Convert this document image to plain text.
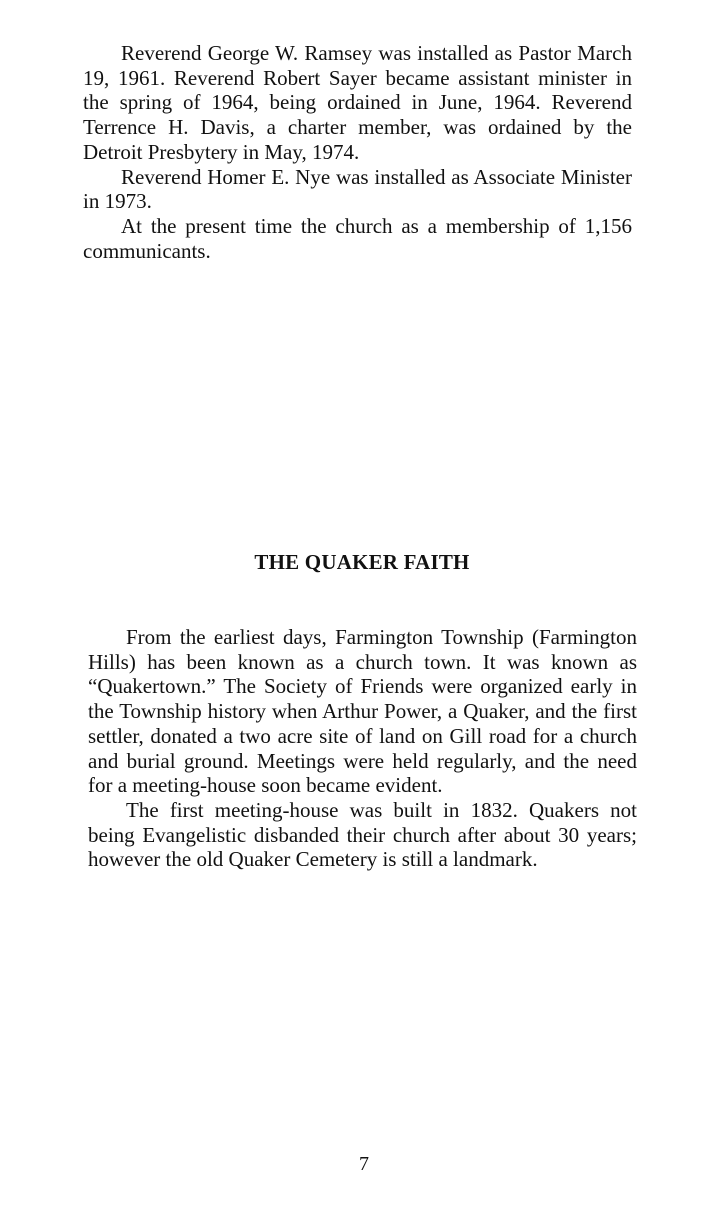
Reverend George W. Ramsey was installed as Pastor March 19, 1961. Reverend Robert Sayer became assistant minister in the spring of 1964, being ordained in June, 1964. Reverend Terrence H. Davis, a charter member, was ordained by the Detroit Presbytery in May, 1974.

Reverend Homer E. Nye was installed as Associate Minister in 1973.

At the present time the church as a membership of 1,156 communicants.

THE QUAKER FAITH

From the earliest days, Farmington Township (Farmington Hills) has been known as a church town. It was known as “Quakertown.” The Society of Friends were organized early in the Township history when Arthur Power, a Quaker, and the first settler, donated a two acre site of land on Gill road for a church and burial ground. Meetings were held regularly, and the need for a meeting-house soon became evident.

The first meeting-house was built in 1832. Quakers not being Evangelistic disbanded their church after about 30 years; however the old Quaker Cemetery is still a landmark.

7
